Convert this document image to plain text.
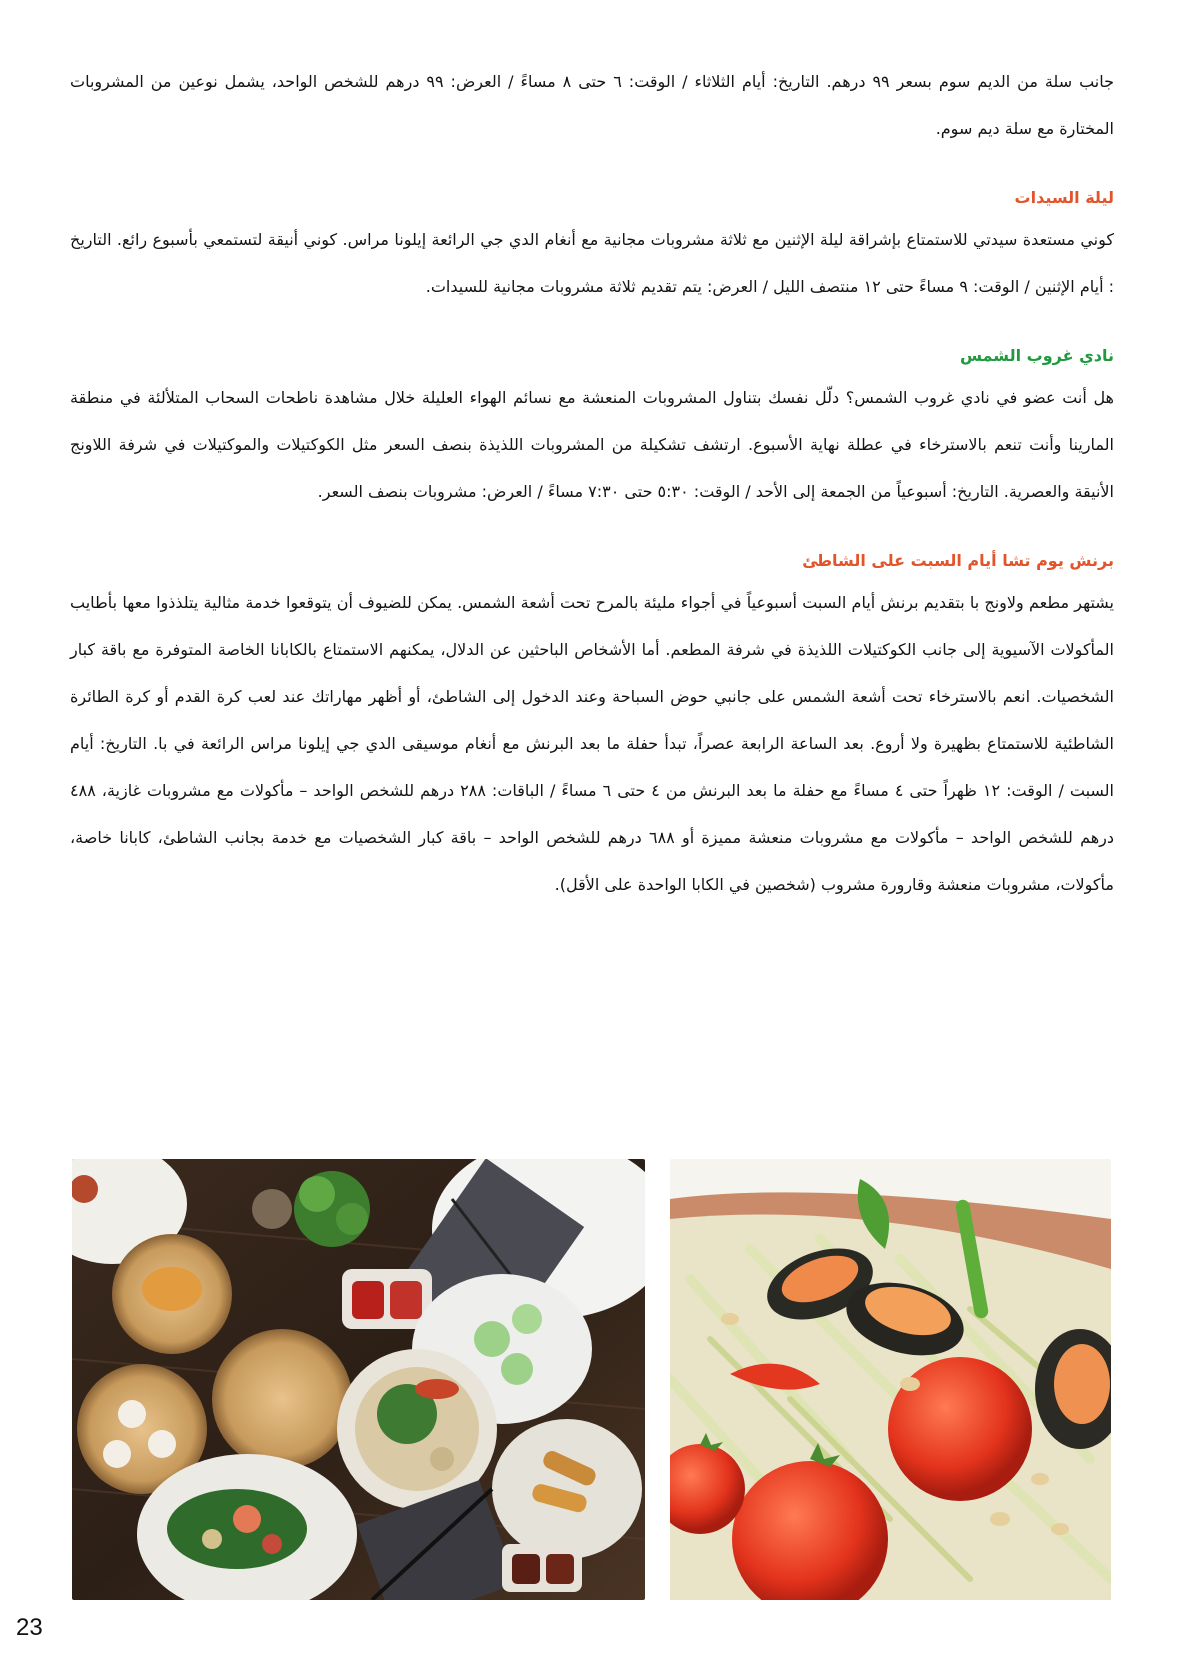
جانب سلة من الديم سوم بسعر ٩٩ درهم. التاريخ: أيام الثلاثاء / الوقت: ٦ حتى ٨ مساءً / العرض: ٩٩ درهم للشخص الواحد، يشمل نوعين من المشروبات المختارة مع سلة ديم سوم.

ليلة السيدات

كوني مستعدة سيدتي للاستمتاع بإشراقة ليلة الإثنين مع ثلاثة مشروبات مجانية مع أنغام الدي جي الرائعة إيلونا مراس. كوني أنيقة لتستمعي بأسبوع رائع. التاريخ : أيام الإثنين / الوقت: ٩ مساءً حتى ١٢ منتصف الليل / العرض: يتم تقديم ثلاثة مشروبات مجانية للسيدات.

نادي غروب الشمس

هل أنت عضو في نادي غروب الشمس؟ دلّل نفسك بتناول المشروبات المنعشة مع نسائم الهواء العليلة خلال مشاهدة ناطحات السحاب المتلألئة في منطقة المارينا وأنت تنعم بالاسترخاء في عطلة نهاية الأسبوع. ارتشف تشكيلة من المشروبات اللذيذة بنصف السعر مثل الكوكتيلات والموكتيلات في شرفة اللاونج الأنيقة والعصرية. التاريخ: أسبوعياً من الجمعة إلى الأحد / الوقت: ٥:٣٠ حتى ٧:٣٠ مساءً / العرض: مشروبات بنصف السعر.

برنش يوم تشا أيام السبت على الشاطئ

يشتهر مطعم ولاونج با بتقديم برنش أيام السبت أسبوعياً في أجواء مليئة بالمرح تحت أشعة الشمس. يمكن للضيوف أن يتوقعوا خدمة مثالية يتلذذوا معها بأطايب المأكولات الآسيوية إلى جانب الكوكتيلات اللذيذة في شرفة المطعم. أما الأشخاص الباحثين عن الدلال، يمكنهم الاستمتاع بالكابانا الخاصة المتوفرة مع باقة كبار الشخصيات. انعم بالاسترخاء تحت أشعة الشمس على جانبي حوض السباحة وعند الدخول إلى الشاطئ، أو أظهر مهاراتك عند لعب كرة القدم أو كرة الطائرة الشاطئية للاستمتاع بظهيرة ولا أروع. بعد الساعة الرابعة عصراً، تبدأ حفلة ما بعد البرنش مع أنغام موسيقى الدي جي إيلونا مراس الرائعة في با. التاريخ: أيام السبت / الوقت: ١٢ ظهراً حتى ٤ مساءً مع حفلة ما بعد البرنش من ٤ حتى ٦ مساءً / الباقات: ٢٨٨ درهم للشخص الواحد – مأكولات مع مشروبات غازية، ٤٨٨ درهم للشخص الواحد – مأكولات مع مشروبات منعشة مميزة أو ٦٨٨ درهم للشخص الواحد – باقة كبار الشخصيات مع خدمة بجانب الشاطئ، كابانا خاصة، مأكولات، مشروبات منعشة وقارورة مشروب (شخصين في الكابا الواحدة على الأقل).

23
